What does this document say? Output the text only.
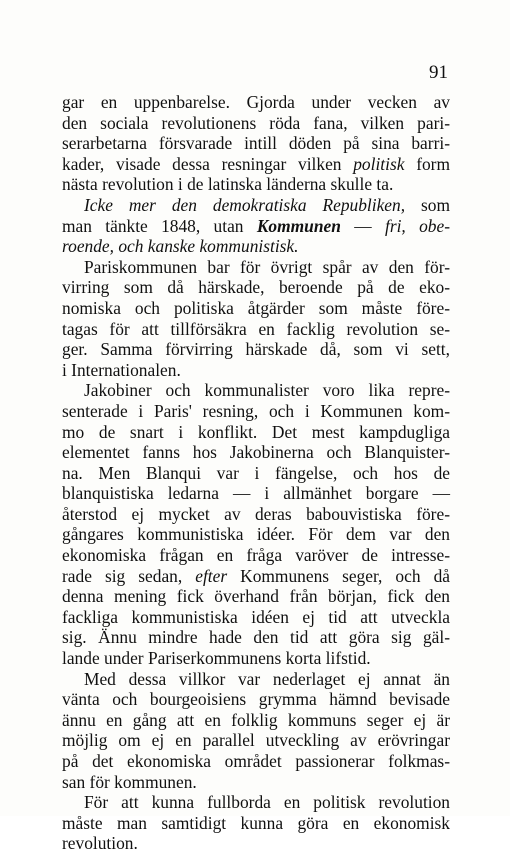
91
gar en uppenbarelse. Gjorda under vecken av
den sociala revolutionens röda fana, vilken pari-
serarbetarna försvarade intill döden på sina barri-
kader, visade dessa resningar vilken politisk form
nästa revolution i de latinska länderna skulle ta.
Icke mer den demokratiska Republiken, som
man tänkte 1848, utan Kommunen — fri, obe-
roende, och kanske kommunistisk.
Pariskommunen bar för övrigt spår av den för-
virring som då härskade, beroende på de eko-
nomiska och politiska åtgärder som måste före-
tagas för att tillförsäkra en facklig revolution se-
ger. Samma förvirring härskade då, som vi sett,
i Internationalen.
Jakobiner och kommunalister voro lika repre-
senterade i Paris' resning, och i Kommunen kom-
mo de snart i konflikt. Det mest kampdugliga
elementet fanns hos Jakobinerna och Blanquister-
na. Men Blanqui var i fängelse, och hos de
blanquistiska ledarna — i allmänhet borgare —
återstod ej mycket av deras babouvistiska före-
gångares kommunistiska idéer. För dem var den
ekonomiska frågan en fråga varöver de intresse-
rade sig sedan, efter Kommunens seger, och då
denna mening fick överhand från början, fick den
fackliga kommunistiska idéen ej tid att utveckla
sig. Ännu mindre hade den tid att göra sig gäl-
lande under Pariserkommunens korta lifstid.
Med dessa villkor var nederlaget ej annat än
vänta och bourgeoisiens grymma hämnd bevisade
ännu en gång att en folklig kommuns seger ej är
möjlig om ej en parallel utveckling av erövringar
på det ekonomiska området passionerar folkmas-
san för kommunen.
För att kunna fullborda en politisk revolution
måste man samtidigt kunna göra en ekonomisk
revolution.
